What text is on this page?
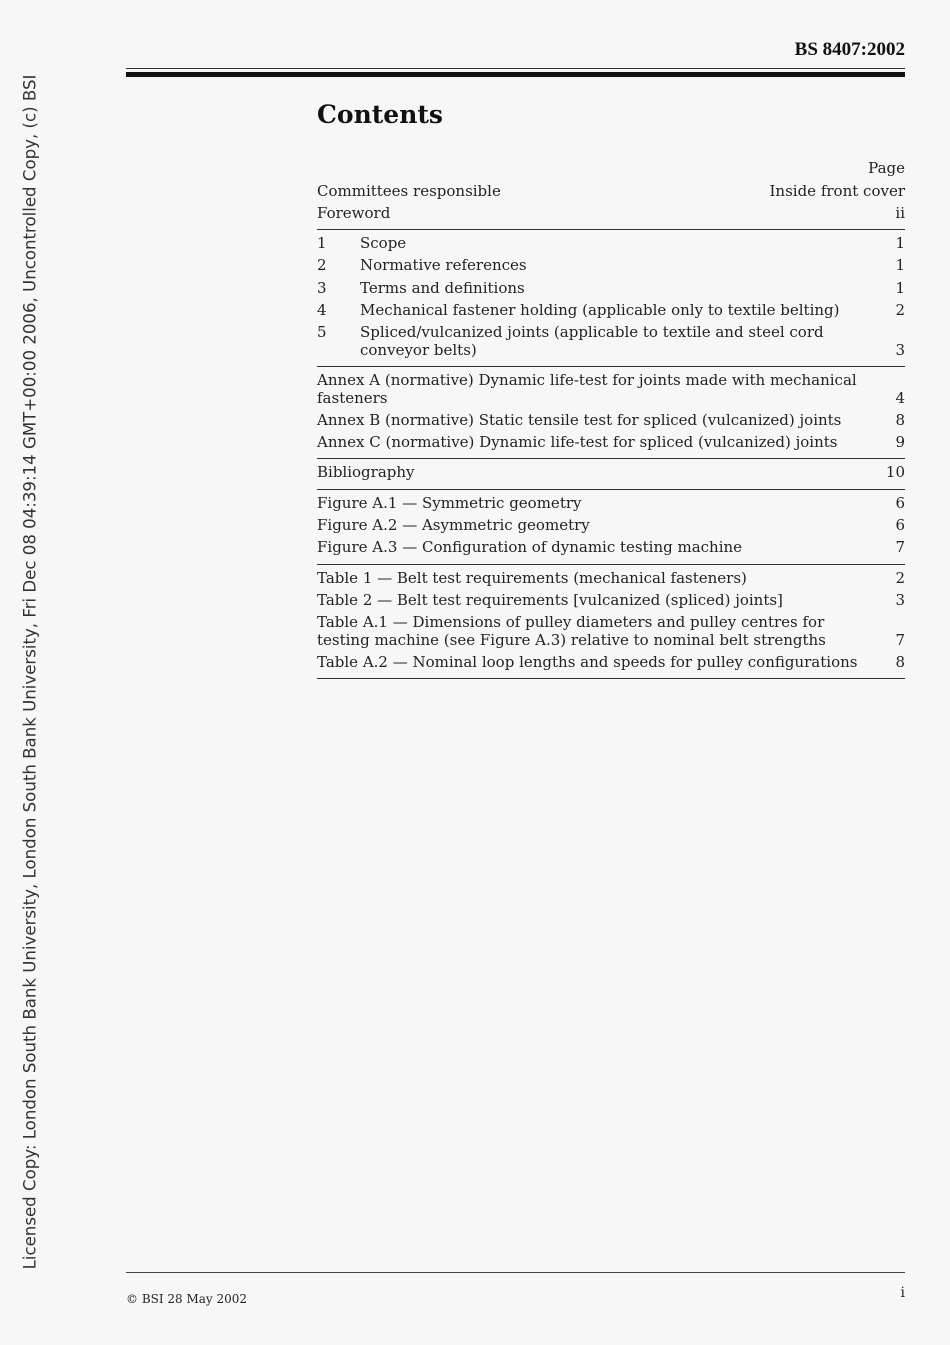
Licensed Copy: London South Bank University, London South Bank University, Fri Dec 08 04:39:14 GMT+00:00 2006, Uncontrolled Copy, (c) BSI
BS 8407:2002
Contents
Page
Committees responsible	Inside front cover
Foreword	ii
1	Scope	1
2	Normative references	1
3	Terms and definitions	1
4	Mechanical fastener holding (applicable only to textile belting)	2
5	Spliced/vulcanized joints (applicable to textile and steel cord conveyor belts)	3
Annex A (normative) Dynamic life-test for joints made with mechanical fasteners	4
Annex B (normative) Static tensile test for spliced (vulcanized) joints	8
Annex C (normative) Dynamic life-test for spliced (vulcanized) joints	9
Bibliography	10
Figure A.1 — Symmetric geometry	6
Figure A.2 — Asymmetric geometry	6
Figure A.3 — Configuration of dynamic testing machine	7
Table 1 — Belt test requirements (mechanical fasteners)	2
Table 2 — Belt test requirements [vulcanized (spliced) joints]	3
Table A.1 — Dimensions of pulley diameters and pulley centres for testing machine (see Figure A.3) relative to nominal belt strengths	7
Table A.2 — Nominal loop lengths and speeds for pulley configurations	8
© BSI 28 May 2002	i
